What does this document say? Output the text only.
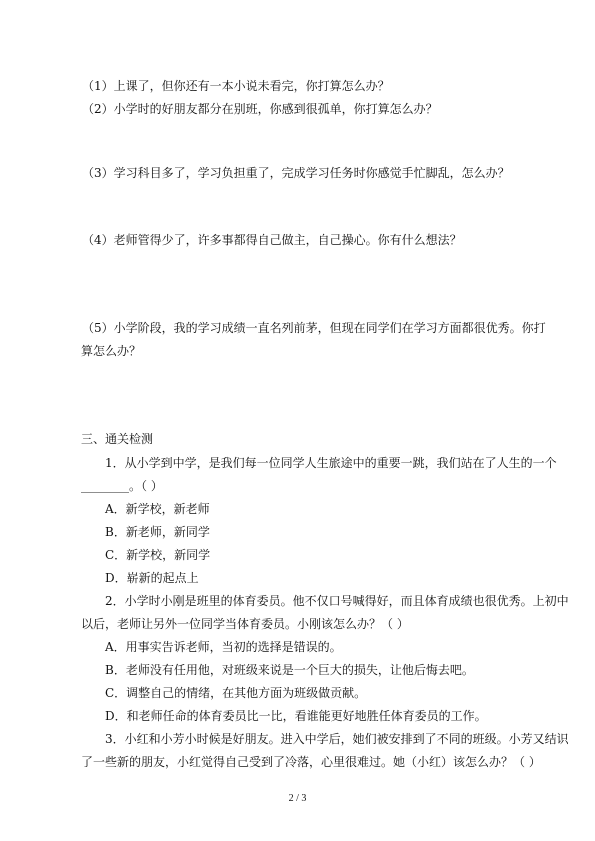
（1）上课了，但你还有一本小说未看完，你打算怎么办？
（2）小学时的好朋友都分在别班，你感到很孤单，你打算怎么办？
（3）学习科目多了，学习负担重了，完成学习任务时你感觉手忙脚乱，怎么办？
（4）老师管得少了，许多事都得自己做主，自己操心。你有什么想法？
（5）小学阶段，我的学习成绩一直名列前茅，但现在同学们在学习方面都很优秀。你打
算怎么办？
三、通关检测
1．从小学到中学，是我们每一位同学人生旅途中的重要一跳，我们站在了人生的一个
________。（ ）
A．新学校，新老师
B．新老师，新同学
C．新学校，新同学
D．崭新的起点上
2．小学时小刚是班里的体育委员。他不仅口号喊得好，而且体育成绩也很优秀。上初中
以后，老师让另外一位同学当体育委员。小刚该怎么办？（ ）
A．用事实告诉老师，当初的选择是错误的。
B．老师没有任用他，对班级来说是一个巨大的损失，让他后悔去吧。
C．调整自己的情绪，在其他方面为班级做贡献。
D．和老师任命的体育委员比一比，看谁能更好地胜任体育委员的工作。
3．小红和小芳小时候是好朋友。进入中学后，她们被安排到了不同的班级。小芳又结识
了一些新的朋友，小红觉得自己受到了冷落，心里很难过。她（小红）该怎么办？（ ）
2 / 3
